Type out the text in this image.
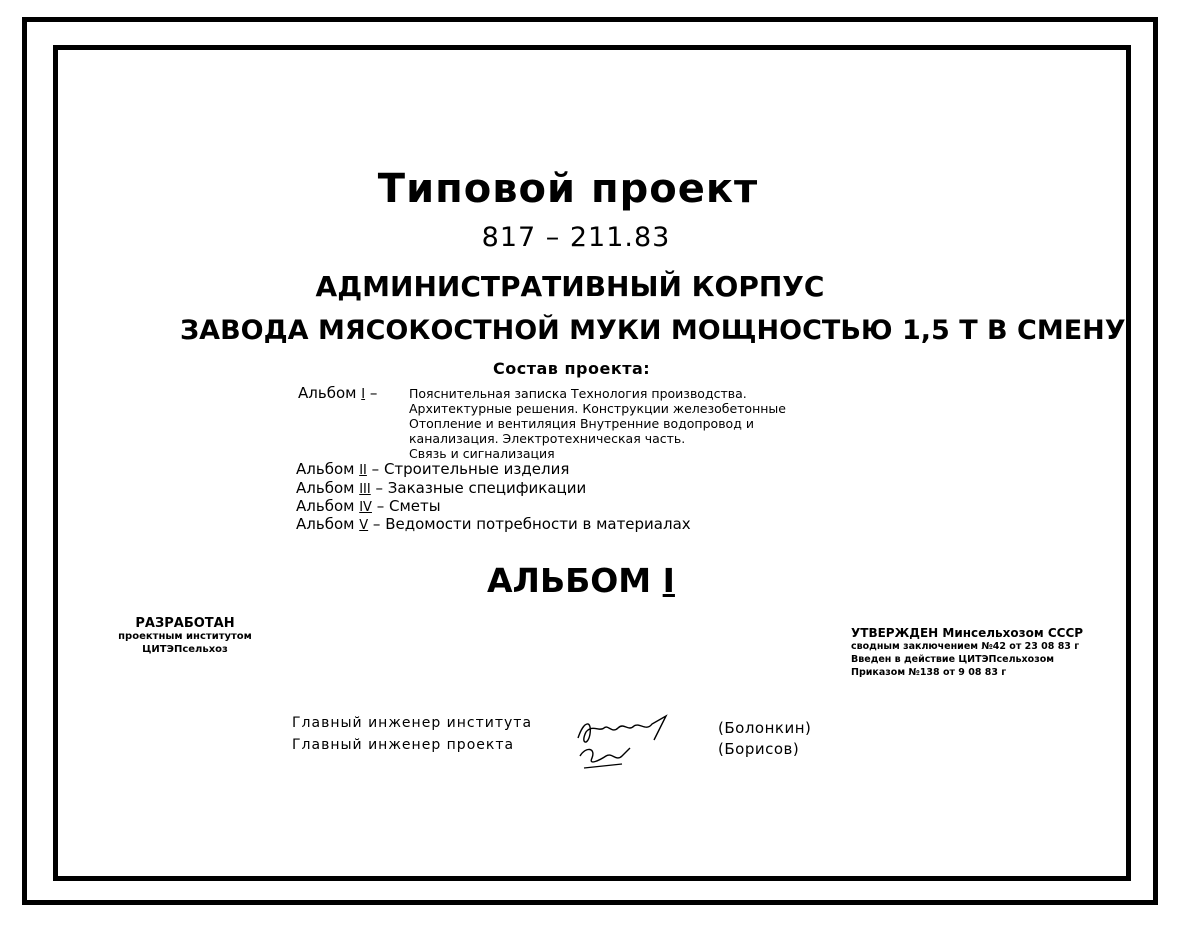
Типовой проект
817 – 211.83
АДМИНИСТРАТИВНЫЙ КОРПУС
ЗАВОДА МЯСОКОСТНОЙ МУКИ МОЩНОСТЬЮ 1,5 Т В СМЕНУ
Состав проекта:
Альбом I –	Пояснительная записка Технология производства.
Архитектурные решения. Конструкции железобетонные
Отопление и вентиляция Внутренние водопровод и
канализация. Электротехническая часть.
Связь и сигнализация
Альбом II – Строительные изделия
Альбом III – Заказные спецификации
Альбом IV – Сметы
Альбом V – Ведомости потребности в материалах
АЛЬБОМ I
РАЗРАБОТАН
проектным институтом
ЦИТЭПсельхоз
УТВЕРЖДЕН Минсельхозом СССР
сводным заключением №42 от 23 08 83 г
Введен в действие ЦИТЭПсельхозом
Приказом №138 от 9 08 83 г
Главный инженер института
Главный инженер проекта
(Болонкин)
(Борисов)
